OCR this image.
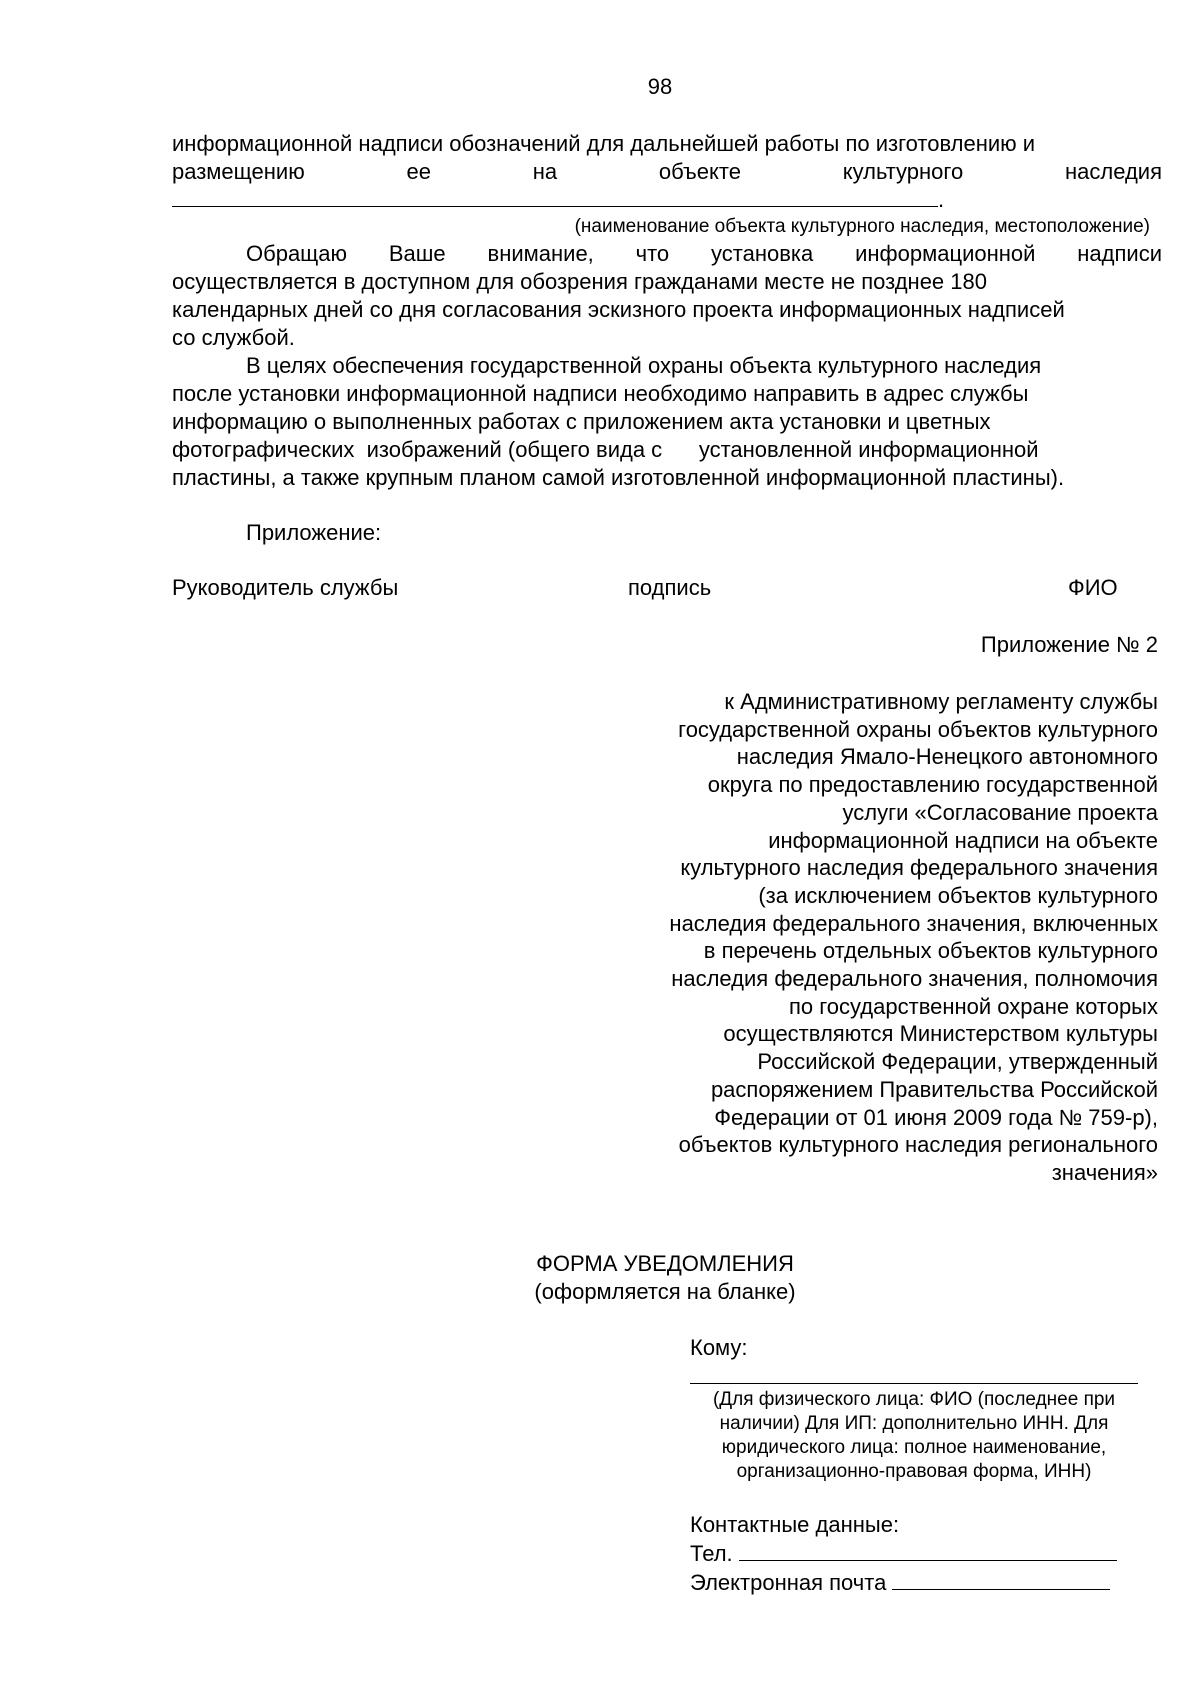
98
информационной надписи обозначений для дальнейшей работы по изготовлению и
размещению	ее	на	объекте	культурного	наследия
.
(наименование объекта культурного наследия, местоположение)
Обращаю Ваше внимание, что установка информационной надписи
осуществляется в доступном для обозрения гражданами месте не позднее 180
календарных дней со дня согласования эскизного проекта информационных надписей
со службой.
В целях обеспечения государственной охраны объекта культурного наследия
после установки информационной надписи необходимо направить в адрес службы
информацию о выполненных работах с приложением акта установки и цветных
фотографических  изображений (общего вида с      установленной информационной
пластины, а также крупным планом самой изготовленной информационной пластины).
Приложение:
Руководитель службы	подпись	ФИО
Приложение № 2
к Административному регламенту службы
государственной охраны объектов культурного
наследия Ямало-Ненецкого автономного
округа по предоставлению государственной
услуги «Согласование проекта
информационной надписи на объекте
культурного наследия федерального значения
(за исключением объектов культурного
наследия федерального значения, включенных
в перечень отдельных объектов культурного
наследия федерального значения, полномочия
по государственной охране которых
осуществляются Министерством культуры
Российской Федерации, утвержденный
распоряжением Правительства Российской
Федерации от 01 июня 2009 года № 759-р),
объектов культурного наследия регионального
значения»
ФОРМА УВЕДОМЛЕНИЯ
(оформляется на бланке)
Кому:
(Для физического лица: ФИО (последнее при
наличии) Для ИП: дополнительно ИНН. Для
юридического лица: полное наименование,
организационно-правовая форма, ИНН)
Контактные данные:
Тел.
Электронная почта
